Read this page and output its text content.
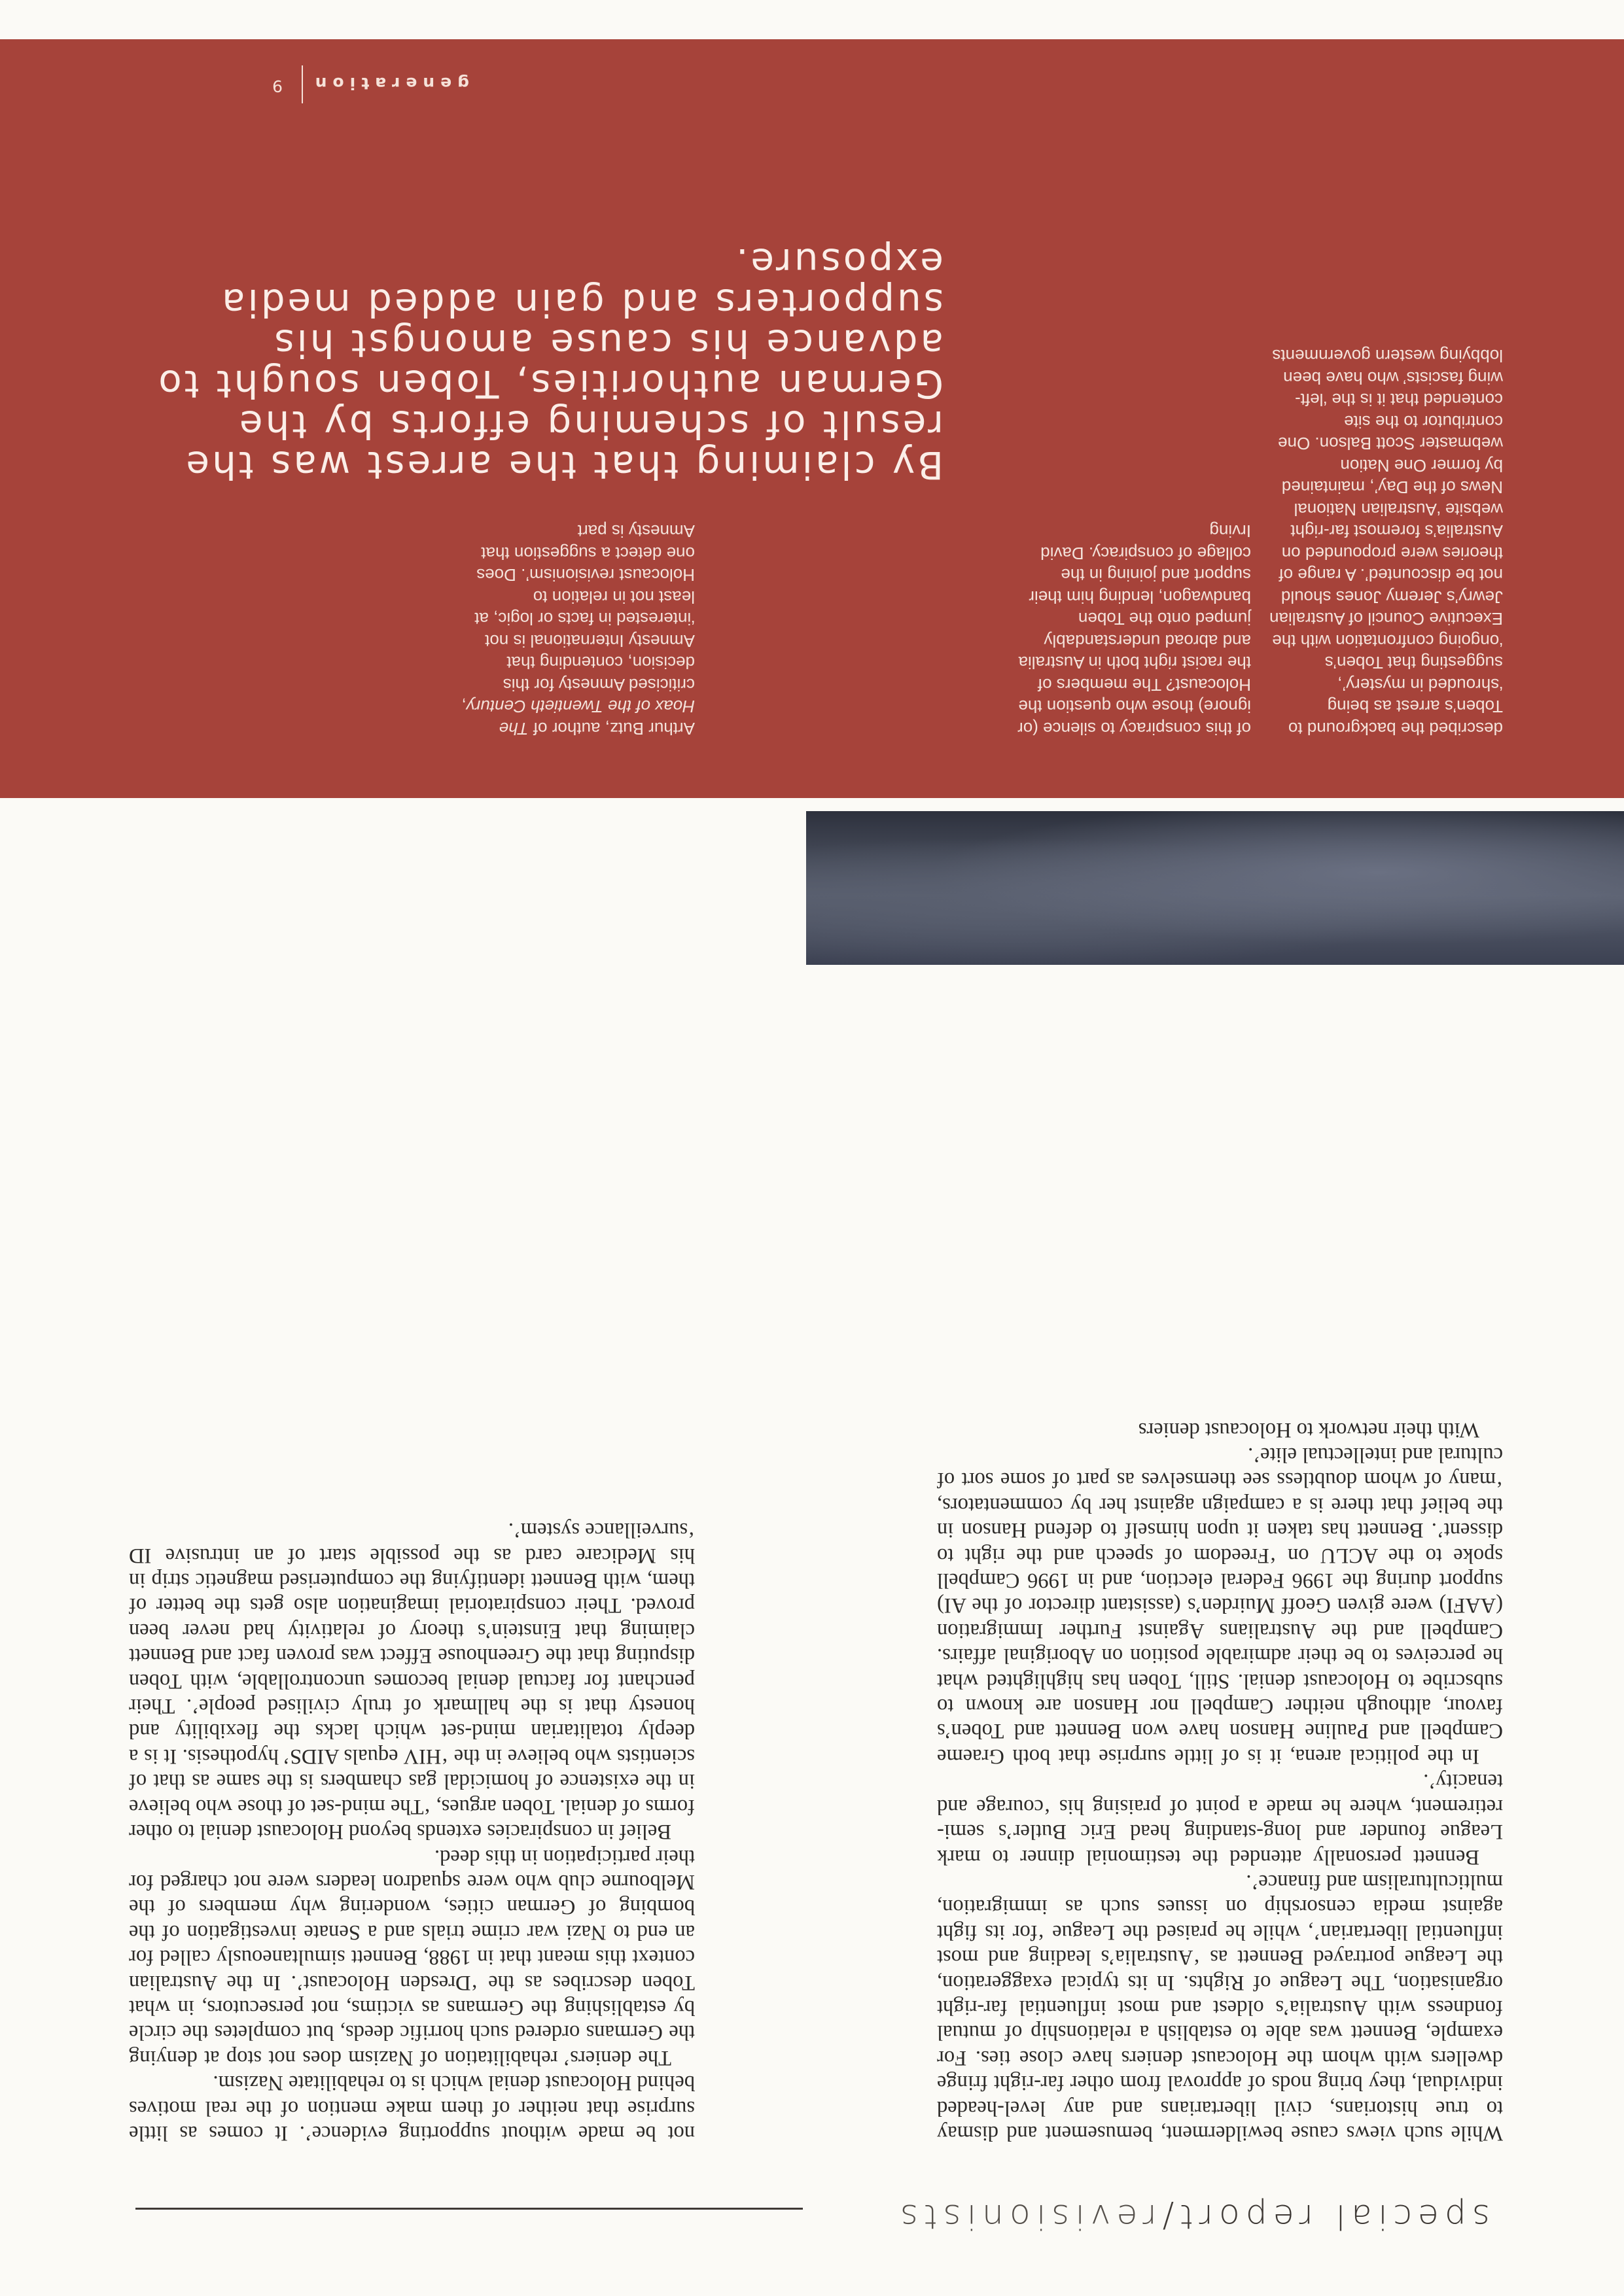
special report/revisionists

not be made without supporting evidence’. It comes as little surprise that neither of them make mention of the real motives behind Holocaust denial which is to rehabilitate Nazism.

The deniers’ rehabilitation of Nazism does not stop at denying the Germans ordered such horrific deeds, but completes the circle by establishing the Germans as victims, not persecutors, in what Toben describes as the ‘Dresden Holocaust’. In the Australian context this meant that in 1988, Bennett simultaneously called for an end to Nazi war crime trials and a Senate investigation of the bombing of German cities, wondering why members of the Melbourne club who were squadron leaders were not charged for their participation in this deed.

Belief in conspiracies extends beyond Holocaust denial to other forms of denial. Toben argues, ‘The mind-set of those who believe in the existence of homicidal gas chambers is the same as that of scientists who believe in the ‘HIV equals AIDS’ hypothesis. It is a deeply totalitarian mind-set which lacks the flexibility and honesty that is the hallmark of truly civilised people’. Their penchant for factual denial becomes uncontrollable, with Toben disputing that the Greenhouse Effect was proven fact and Bennett claiming that Einstein’s theory of relativity had never been proved. Their conspiratorial imagination also gets the better of them, with Bennett identifying the computerised magnetic strip in his Medicare card as the possible start of an intrusive ID ‘surveillance system’.

While such views cause bewilderment, bemusement and dismay to true historians, civil libertarians and any level-headed individual, they bring nods of approval from other far-right fringe dwellers with whom the Holocaust deniers have close ties. For example, Bennett was able to establish a relationship of mutual fondness with Australia’s oldest and most influential far-right organisation, The League of Rights. In its typical exaggeration, the League portrayed Bennett as ‘Australia’s leading and most influential libertarian’, while he praised the League ‘for its fight against media censorship on issues such as immigration, multiculturalism and finance’.

Bennett personally attended the testimonial dinner to mark League founder and long-standing head Eric Butler’s semi-retirement, where he made a point of praising his ‘courage and tenacity’.

In the political arena, it is of little surprise that both Graeme Campbell and Pauline Hanson have won Bennett and Toben’s favour, although neither Campbell nor Hanson are known to subscribe to Holocaust denial. Still, Toben has highlighted what he perceives to be their admirable position on Aboriginal affairs. Campbell and the Australians Against Further Immigration (AAFI) were given Geoff Muirden’s (assistant director of the AI) support during the 1996 Federal election, and in 1996 Campbell spoke to the ACLU on ‘Freedom of speech and the right to dissent’. Bennett has taken it upon himself to defend Hanson in the belief that there is a campaign against her by commentators, ‘many of whom doubtless see themselves as part of some sort of cultural and intellectual elite’.

With their network to Holocaust deniers

Arthur Butz, author of The Hoax of the Twentieth Century, criticised Amnesty for this decision, contending that Amnesty International is not ‘interested in facts or logic, at least not in relation to Holocaust revisionism’. Does one detect a suggestion that Amnesty is part

of this conspiracy to silence (or ignore) those who question the Holocaust? The members of the racist right both in Australia and abroad understandably jumped onto the Toben bandwagon, lending him their support and joining in the collage of conspiracy. David Irving

described the background to Toben’s arrest as being ‘shrouded in mystery’, suggesting that Toben’s ‘ongoing confrontation with the Executive Council of Australian Jewry’s Jeremy Jones should not be discounted’. A range of theories were propounded on Australia’s foremost far-right website ‘Australian National News of the Day’, maintained by former One Nation webmaster Scott Balson. One contributor to the site contended that it is the ‘left-wing fascists’ who have been lobbying western governments

By claiming that the arrest was the result of scheming efforts by the German authorities, Toben sought to advance his cause amongst his supporters and gain added media exposure.
generation
9
